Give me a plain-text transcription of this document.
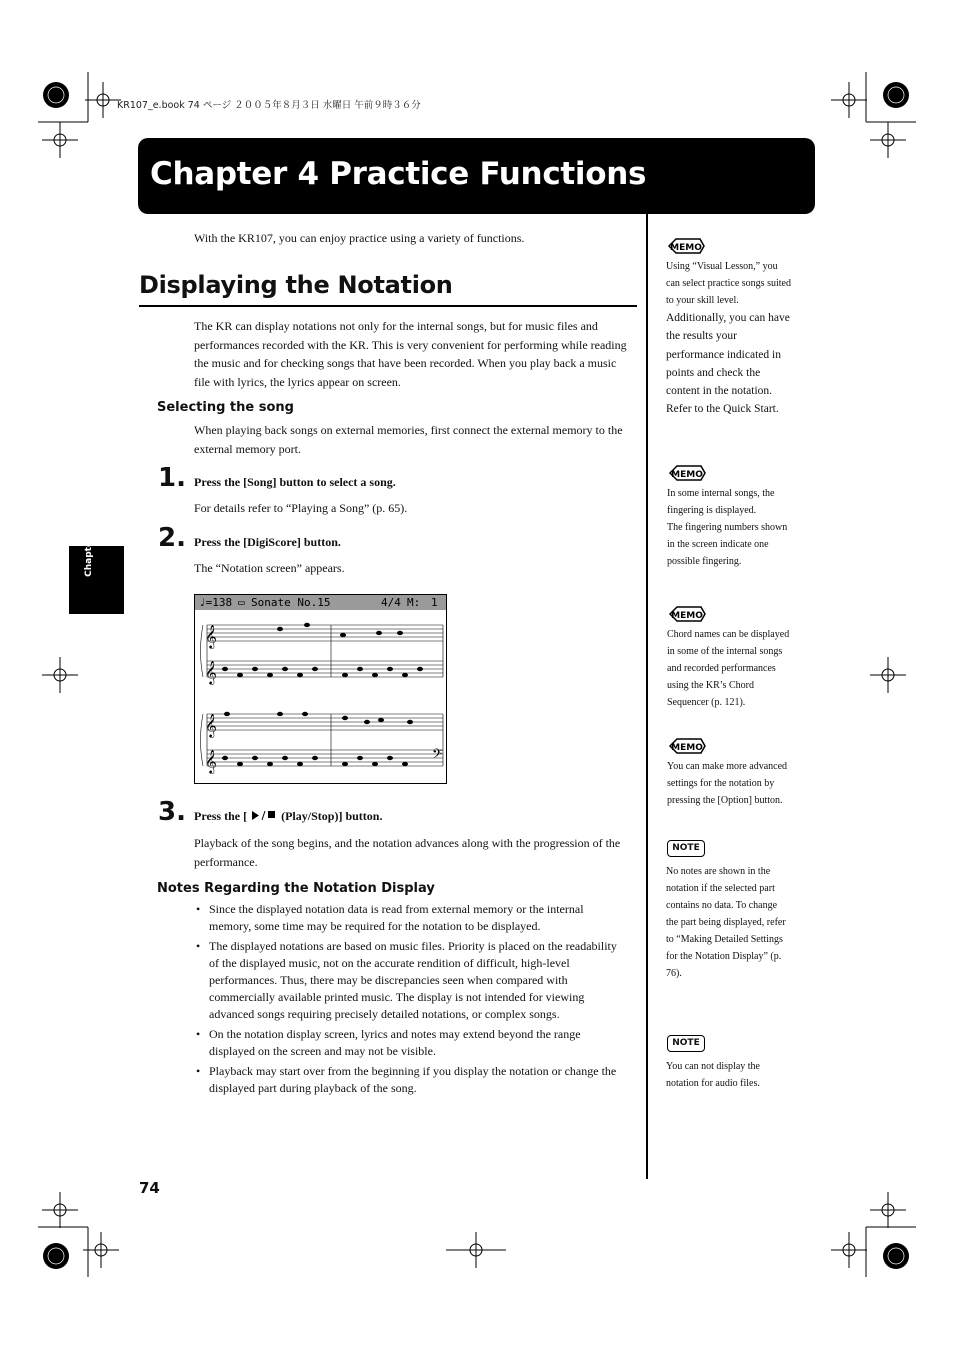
KR107_e.book 74 ページ ２００５年８月３日 水曜日 午前９時３６分
Chapter 4 Practice Functions
Chapter 4
With the KR107, you can enjoy practice using a variety of functions.
Displaying the Notation
The KR can display notations not only for the internal songs, but for music files and performances recorded with the KR. This is very convenient for performing while reading the music and for checking songs that have been recorded. When you play back a music file with lyrics, the lyrics appear on screen.
Selecting the song
When playing back songs on external memories, first connect the external memory to the external memory port.
1. Press the [Song] button to select a song.
For details refer to “Playing a Song” (p. 65).
2. Press the [DigiScore] button.
The “Notation screen” appears.
♩=138 ▭ Sonate No.15	4/4 M: 1
𝄞
𝄞
𝄞
𝄞	𝄢
3. Press the [	(Play/Stop)] button.
Playback of the song begins, and the notation advances along with the progression of the performance.
Notes Regarding the Notation Display
• Since the displayed notation data is read from external memory or the internal memory, some time may be required for the notation to be displayed.
• The displayed notations are based on music files. Priority is placed on the readability of the displayed music, not on the accurate rendition of difficult, high-level performances. Thus, there may be discrepancies seen when compared with commercially available printed music. The display is not intended for viewing advanced songs requiring precisely detailed notations, or complex songs.
• On the notation display screen, lyrics and notes may extend beyond the range displayed on the screen and may not be visible.
• Playback may start over from the beginning if you display the notation or change the displayed part during playback of the song.
MEMO
Using “Visual Lesson,” you
can select practice songs suited
to your skill level.
Additionally, you can have
the results your
performance indicated in
points and check the
content in the notation.
Refer to the Quick Start.
MEMO
In some internal songs, the
fingering is displayed.
The fingering numbers shown
in the screen indicate one
possible fingering.
MEMO
Chord names can be displayed
in some of the internal songs
and recorded performances
using the KR’s Chord
Sequencer (p. 121).
MEMO
You can make more advanced
settings for the notation by
pressing the [Option] button.
NOTE
No notes are shown in the
notation if the selected part
contains no data. To change
the part being displayed, refer
to “Making Detailed Settings
for the Notation Display” (p.
76).
NOTE
You can not display the
notation for audio files.
74
